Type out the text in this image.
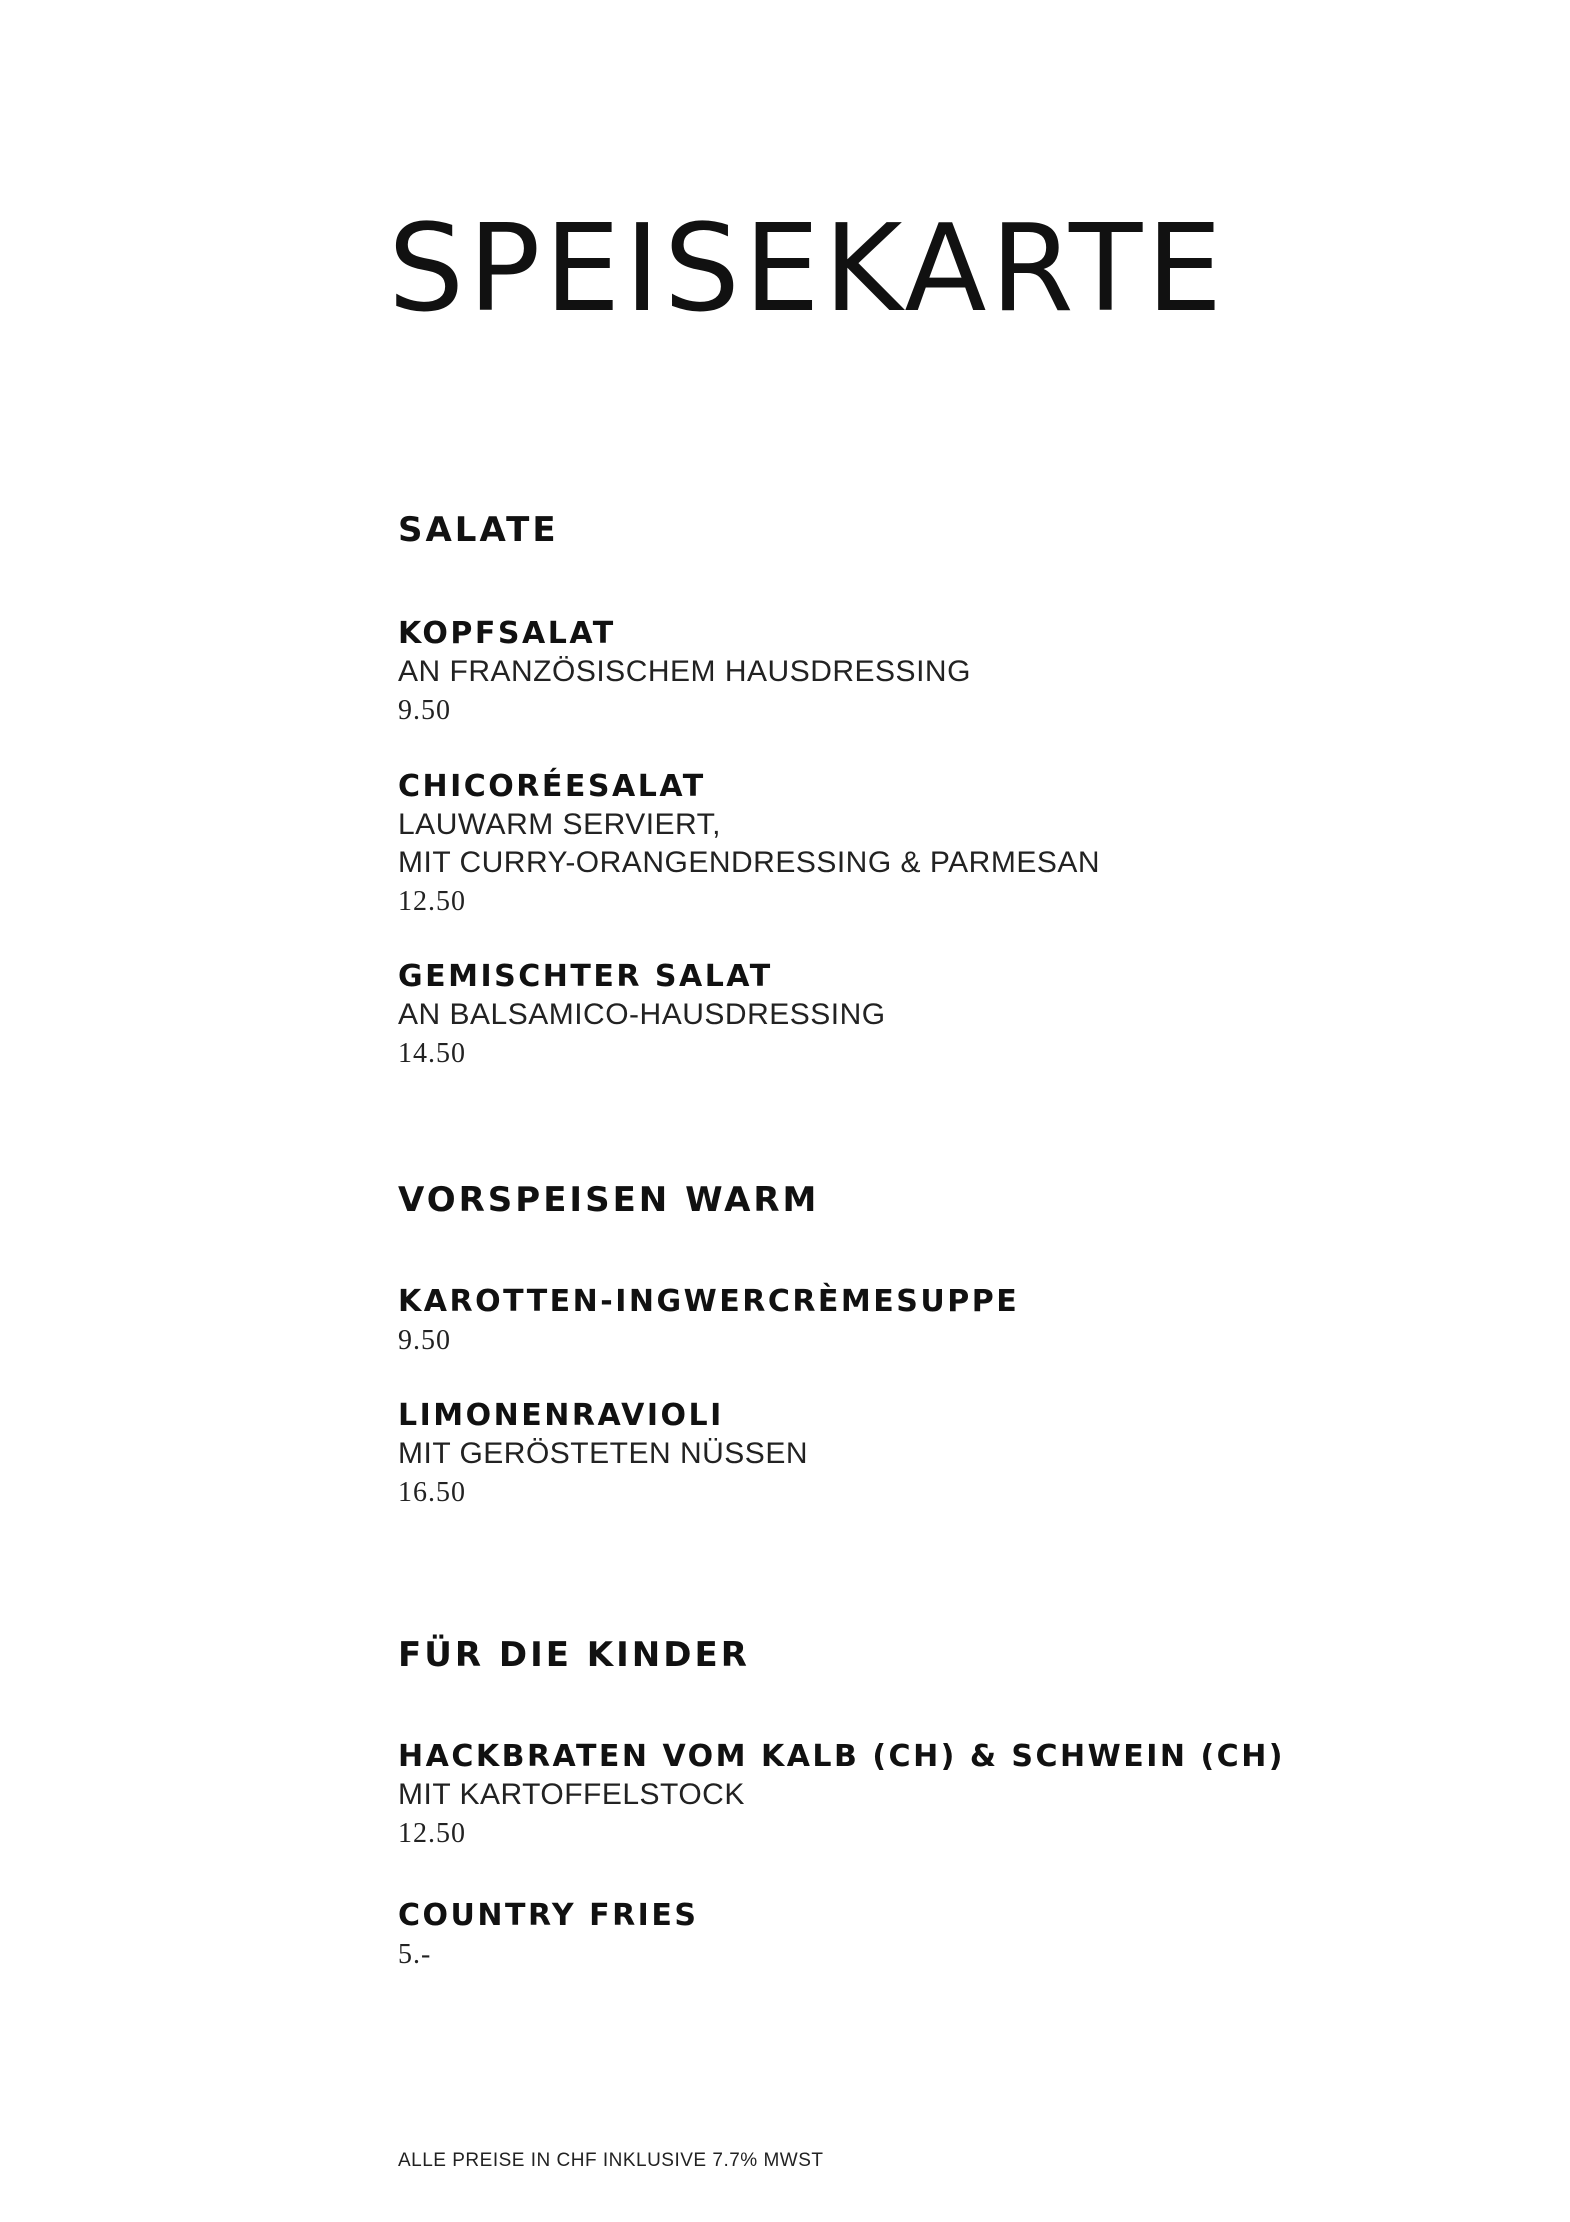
SPEISEKARTE
SALATE
KOPFSALAT
AN FRANZÖSISCHEM HAUSDRESSING
9.50
CHICORÉESALAT
LAUWARM SERVIERT,
MIT CURRY-ORANGENDRESSING & PARMESAN
12.50
GEMISCHTER SALAT
AN BALSAMICO-HAUSDRESSING
14.50
VORSPEISEN WARM
KAROTTEN-INGWERCRÈMESUPPE
9.50
LIMONENRAVIOLI
MIT GERÖSTETEN NÜSSEN
16.50
FÜR DIE KINDER
HACKBRATEN VOM KALB (CH) & SCHWEIN (CH)
MIT KARTOFFELSTOCK
12.50
COUNTRY FRIES
5.-

ALLE PREISE IN CHF INKLUSIVE 7.7% MWST
